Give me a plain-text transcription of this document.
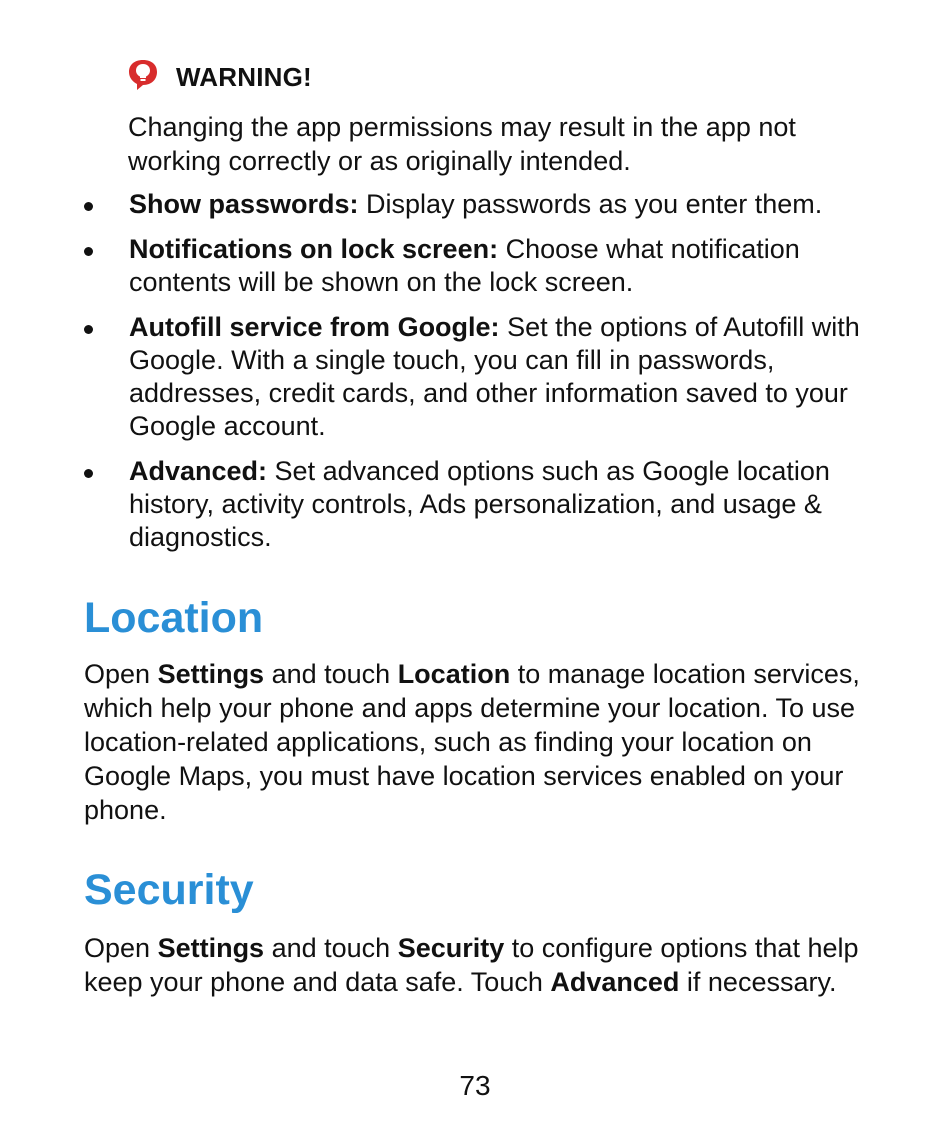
WARNING!
Changing the app permissions may result in the app not working correctly or as originally intended.
Show passwords: Display passwords as you enter them.
Notifications on lock screen: Choose what notification contents will be shown on the lock screen.
Autofill service from Google: Set the options of Autofill with Google. With a single touch, you can fill in passwords, addresses, credit cards, and other information saved to your Google account.
Advanced: Set advanced options such as Google location history, activity controls, Ads personalization, and usage & diagnostics.
Location

Open Settings and touch Location to manage location services, which help your phone and apps determine your location. To use location-related applications, such as finding your location on Google Maps, you must have location services enabled on your phone.

Security

Open Settings and touch Security to configure options that help keep your phone and data safe. Touch Advanced if necessary.

73
